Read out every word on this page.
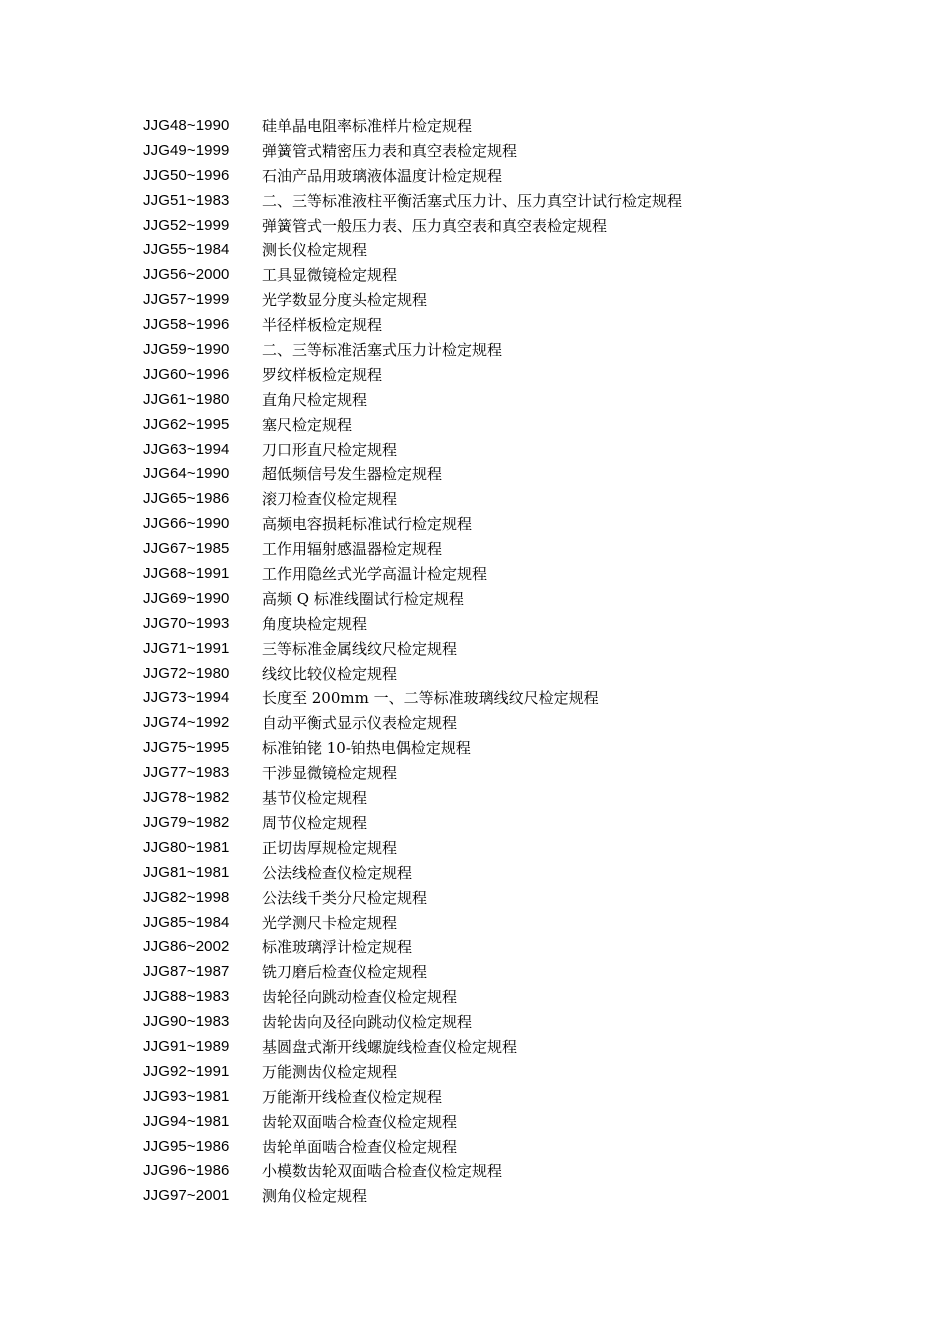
JJG48~1990	硅单晶电阻率标准样片检定规程
JJG49~1999	弹簧管式精密压力表和真空表检定规程
JJG50~1996	石油产品用玻璃液体温度计检定规程
JJG51~1983	二、三等标准液柱平衡活塞式压力计、压力真空计试行检定规程
JJG52~1999	弹簧管式一般压力表、压力真空表和真空表检定规程
JJG55~1984	测长仪检定规程
JJG56~2000	工具显微镜检定规程
JJG57~1999	光学数显分度头检定规程
JJG58~1996	半径样板检定规程
JJG59~1990	二、三等标准活塞式压力计检定规程
JJG60~1996	罗纹样板检定规程
JJG61~1980	直角尺检定规程
JJG62~1995	塞尺检定规程
JJG63~1994	刀口形直尺检定规程
JJG64~1990	超低频信号发生器检定规程
JJG65~1986	滚刀检查仪检定规程
JJG66~1990	高频电容损耗标准试行检定规程
JJG67~1985	工作用辐射感温器检定规程
JJG68~1991	工作用隐丝式光学高温计检定规程
JJG69~1990	高频 Q 标准线圈试行检定规程
JJG70~1993	角度块检定规程
JJG71~1991	三等标准金属线纹尺检定规程
JJG72~1980	线纹比较仪检定规程
JJG73~1994	长度至 200mm 一、二等标准玻璃线纹尺检定规程
JJG74~1992	自动平衡式显示仪表检定规程
JJG75~1995	标准铂铑 10-铂热电偶检定规程
JJG77~1983	干涉显微镜检定规程
JJG78~1982	基节仪检定规程
JJG79~1982	周节仪检定规程
JJG80~1981	正切齿厚规检定规程
JJG81~1981	公法线检查仪检定规程
JJG82~1998	公法线千类分尺检定规程
JJG85~1984	光学测尺卡检定规程
JJG86~2002	标准玻璃浮计检定规程
JJG87~1987	铣刀磨后检查仪检定规程
JJG88~1983	齿轮径向跳动检查仪检定规程
JJG90~1983	齿轮齿向及径向跳动仪检定规程
JJG91~1989	基圆盘式渐开线螺旋线检查仪检定规程
JJG92~1991	万能测齿仪检定规程
JJG93~1981	万能渐开线检查仪检定规程
JJG94~1981	齿轮双面啮合检查仪检定规程
JJG95~1986	齿轮单面啮合检查仪检定规程
JJG96~1986	小模数齿轮双面啮合检查仪检定规程
JJG97~2001	测角仪检定规程
